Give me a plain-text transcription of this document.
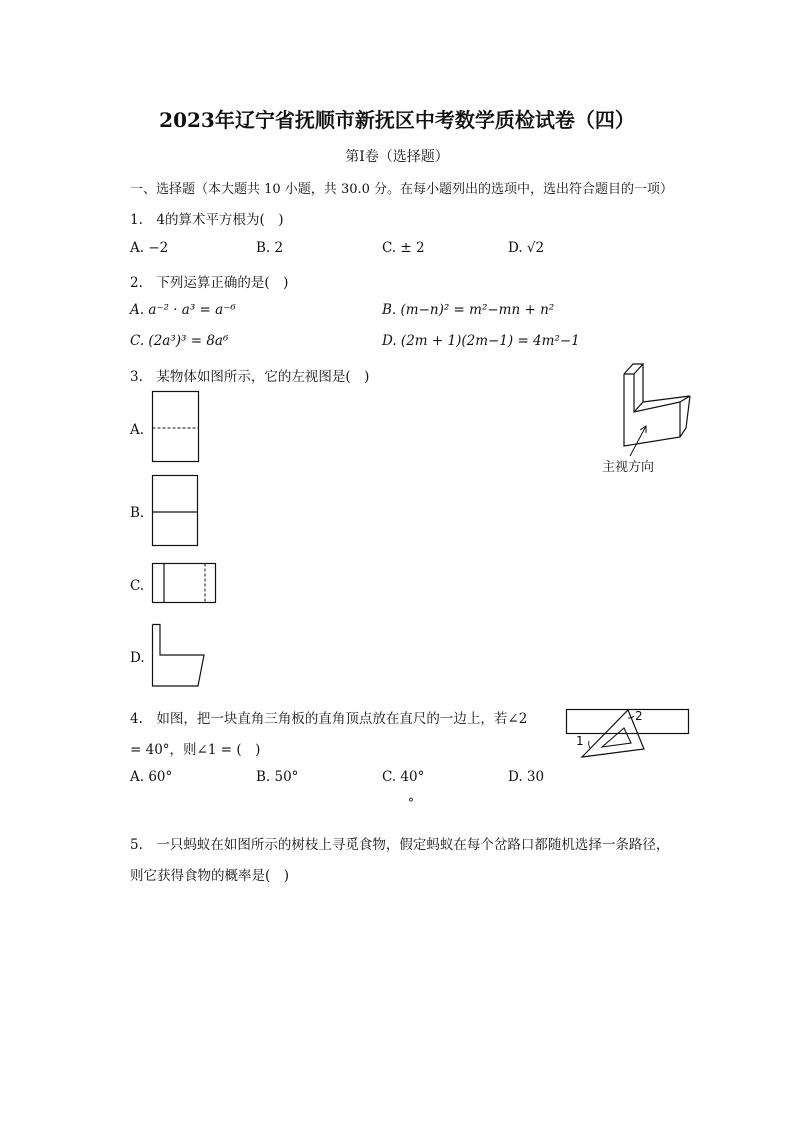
2023年辽宁省抚顺市新抚区中考数学质检试卷（四）
第I卷（选择题）
一、选择题（本大题共 10 小题，共 30.0 分。在每小题列出的选项中，选出符合题目的一项）
1.　4的算术平方根为(　)
A. −2	B. 2	C. ± 2	D. √2
2.　下列运算正确的是(　)
A. a⁻² · a³ = a⁻⁶	B. (m−n)² = m²−mn + n²
C. (2a³)³ = 8a⁶	D. (2m + 1)(2m−1) = 4m²−1
3.　某物体如图所示，它的左视图是(　)
A.
B.
C.
D.
主视方向
4.　如图，把一块直角三角板的直角顶点放在直尺的一边上，若∠2
= 40°，则∠1 = (　)
2
1
A. 60°	B. 50°	C. 40°	D. 30
°
5.　一只蚂蚁在如图所示的树枝上寻觅食物，假定蚂蚁在每个岔路口都随机选择一条路径，
则它获得食物的概率是(　)
